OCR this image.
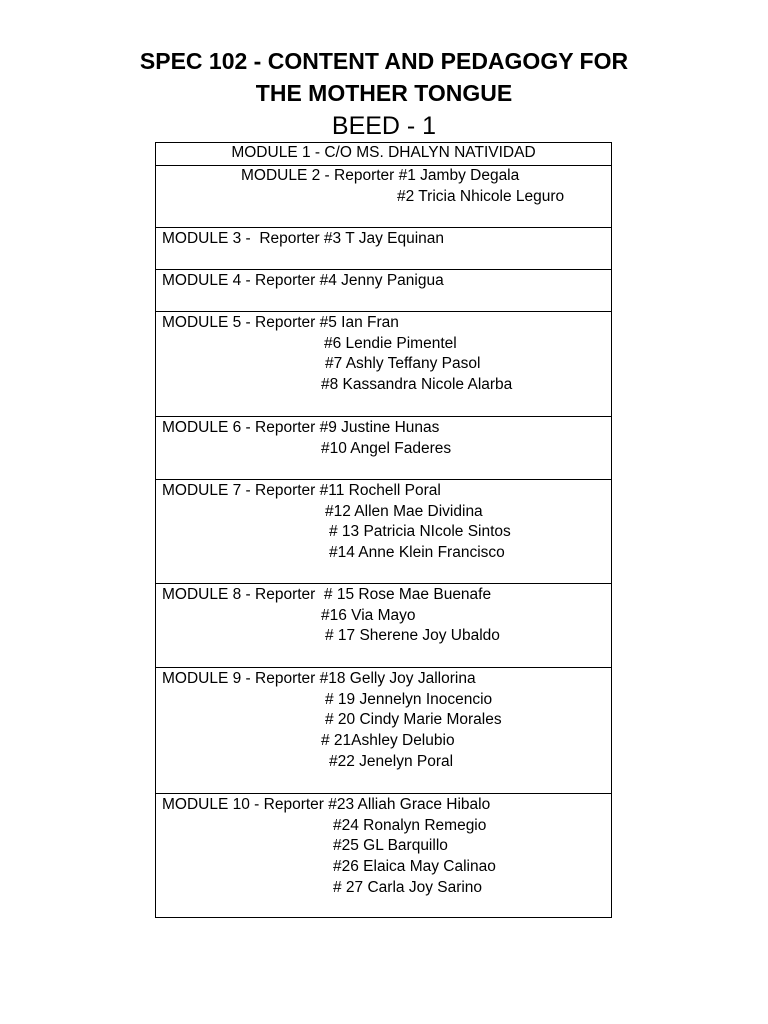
SPEC 102 - CONTENT AND PEDAGOGY FOR
THE MOTHER TONGUE
BEED - 1
MODULE 1 - C/O MS. DHALYN NATIVIDAD
MODULE 2 - Reporter #1 Jamby Degala
#2 Tricia Nhicole Leguro
MODULE 3 -  Reporter #3 T Jay Equinan
MODULE 4 - Reporter #4 Jenny Panigua
MODULE 5 - Reporter #5 Ian Fran
#6 Lendie Pimentel
#7 Ashly Teffany Pasol
#8 Kassandra Nicole Alarba
MODULE 6 - Reporter #9 Justine Hunas
#10 Angel Faderes
MODULE 7 - Reporter #11 Rochell Poral
#12 Allen Mae Dividina
# 13 Patricia NIcole Sintos
#14 Anne Klein Francisco
MODULE 8 - Reporter  # 15 Rose Mae Buenafe
#16 Via Mayo
# 17 Sherene Joy Ubaldo
MODULE 9 - Reporter #18 Gelly Joy Jallorina
# 19 Jennelyn Inocencio
# 20 Cindy Marie Morales
# 21Ashley Delubio
#22 Jenelyn Poral
MODULE 10 - Reporter #23 Alliah Grace Hibalo
#24 Ronalyn Remegio
#25 GL Barquillo
#26 Elaica May Calinao
# 27 Carla Joy Sarino
